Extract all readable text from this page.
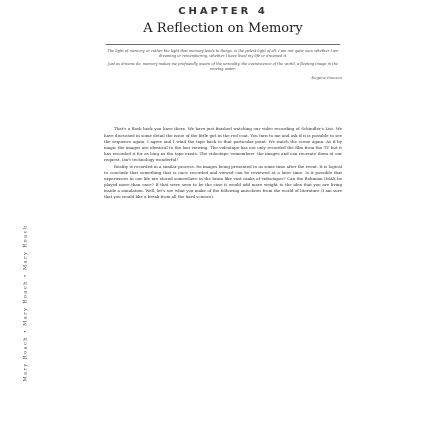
Mary Roach ∙ Mary Roach ∙ Mary Roach
CHAPTER 4
A Reflection on Memory

The light of memory, or rather the light that memory lends to things, is the palest light of all. I am not quite sure whether I am dreaming or remembering, whether I have lived my life or dreamed it.

Just as dreams do, memory makes me profoundly aware of the unreality, the evanescence of the world, a fleeting image in the moving water.

Eugène Ionesco

That's a flash back you have there. We have just finished watching our video recording of Schindler's List. We have discussed in some detail the issue of the little girl in the red coat. You turn to me and ask if it is possible to see the sequence again. I agree and I wind the tape back to that particular point. We watch the scene again. As if by magic the images are identical to the last viewing. The videotape has not only recorded the film from the TV but it has recorded it for as long as the tape exists. The videotape 'remembers' the images and can recreate them at our request. Isn't technology wonderful!

Reality is recorded in a similar process. Its images being presented to us some time after the event. It is logical to conclude that something that is once recorded and viewed can be reviewed at a later time. Is it possible that experiences in our life are stored somewhere in the brain like vast ranks of videotapes? Can the Bohmian IMAX be played more than once? If that were seen to be the case it would add more weight to the idea that you are living inside a simulation. Well, let's see what you make of the following anecdotes from the world of literature (I am sure that you would like a break from all the hard science).
